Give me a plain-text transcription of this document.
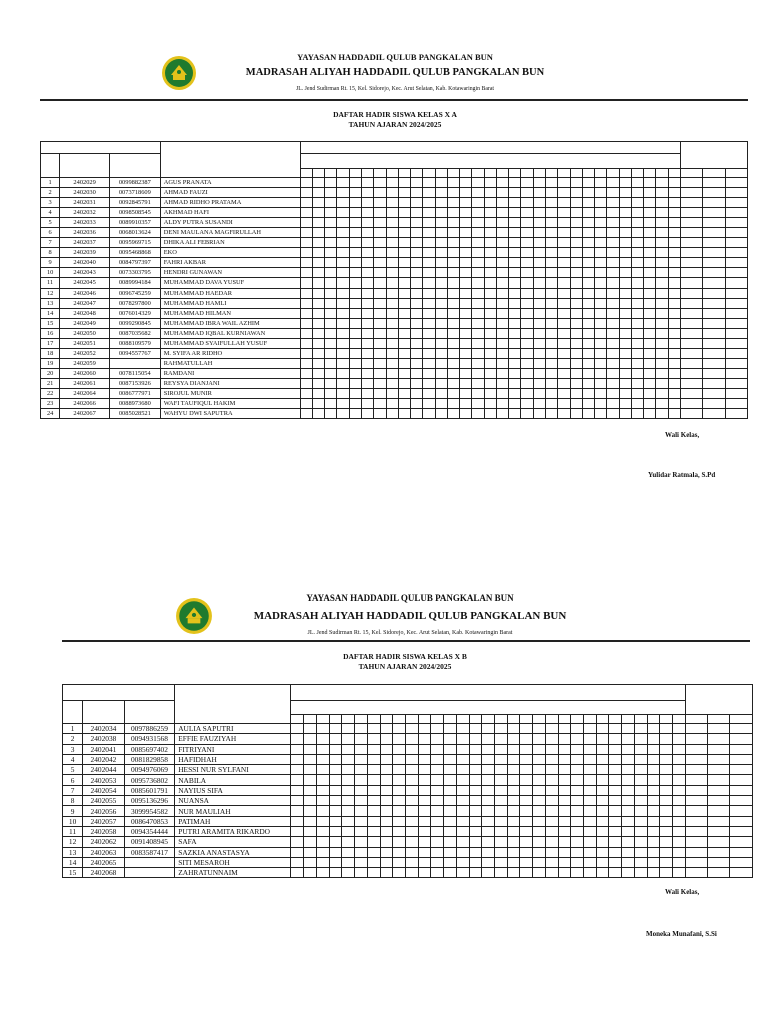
YAYASAN HADDADIL QULUB PANGKALAN BUN
MADRASAH ALIYAH HADDADIL QULUB PANGKALAN BUN
JL. Jend Sudirman Rt. 15, Kel. Sidorejo, Kec. Arut Selatan, Kab. Kotawaringin Barat
DAFTAR HADIR SISWA KELAS X A
TAHUN AJARAN 2024/2025

1	2402029	0099882387	AGUS PRANATA																																		
2	2402030	0073718609	AHMAD FAUZI																																		
3	2402031	0092845791	AHMAD RIDHO PRATAMA																																		
4	2402032	0098508545	AKHMAD HAFI																																		
5	2402033	0089910357	ALDY PUTRA SUSANDI																																		
6	2402036	0068013624	DENI MAULANA MAGFIRULLAH																																		
7	2402037	0095969715	DHIKA ALI FEBRIAN																																		
8	2402039	0095468868	EKO																																		
9	2402040	0084797397	FAHRI AKBAR																																		
10	2402043	0073303795	HENDRI GUNAWAN																																		
11	2402045	0089994184	MUHAMMAD DAVA YUSUF																																		
12	2402046	0096745259	MUHAMMAD HAEDAR																																		
13	2402047	0078297800	MUHAMMAD HAMLI																																		
14	2402048	0076014329	MUHAMMAD HILMAN																																		
15	2402049	0099290845	MUHAMMAD IBRA WAIL AZHIM																																		
16	2402050	0087035682	MUHAMMAD IQBAL KURNIAWAN																																		
17	2402051	0088109579	MUHAMMAD SYAIFULLAH YUSUF																																		
18	2402052	0094557767	M. SYIFA AR RIDHO																																		
19	2402059		RAHMATULLAH																																		
20	2402060	0078115054	RAMDANI																																		
21	2402061	0087153926	REYSYA DIANJANI																																		
22	2402064	0086777971	SIROJUL MUNIR																																		
23	2402066	0088973680	WAFI TAUFIQUL HAKIM																																		
24	2402067	0085028521	WAHYU DWI SAPUTRA																																		
Wali Kelas,
Yulidar Ratmala, S.Pd
YAYASAN HADDADIL QULUB PANGKALAN BUN
MADRASAH ALIYAH HADDADIL QULUB PANGKALAN BUN
JL. Jend Sudirman Rt. 15, Kel. Sidorejo, Kec. Arut Selatan, Kab. Kotawaringin Barat
DAFTAR HADIR SISWA KELAS X B
TAHUN AJARAN 2024/2025

1	2402034	0097886259	AULIA SAPUTRI																																		
2	2402038	0094931568	EFFIE FAUZIYAH																																		
3	2402041	0085697402	FITRIYANI																																		
4	2402042	0081829858	HAFIDHAH																																		
5	2402044	0094976069	HESSI NUR SYLFANI																																		
6	2402053	0095736802	NABILA																																		
7	2402054	0085601791	NAYIUS SIFA																																		
8	2402055	0095136296	NUANSA																																		
9	2402056	3099954582	NUR MAULIAH																																		
10	2402057	0086470853	PATIMAH																																		
11	2402058	0094354444	PUTRI ARAMITA RIKARDO																																		
12	2402062	0091408945	SAFA																																		
13	2402063	0083587417	SAZKIA ANASTASYA																																		
14	2402065		SITI MESAROH																																		
15	2402068		ZAHRATUNNAIM																																		
Wali Kelas,
Moneka Munafani, S.Si
